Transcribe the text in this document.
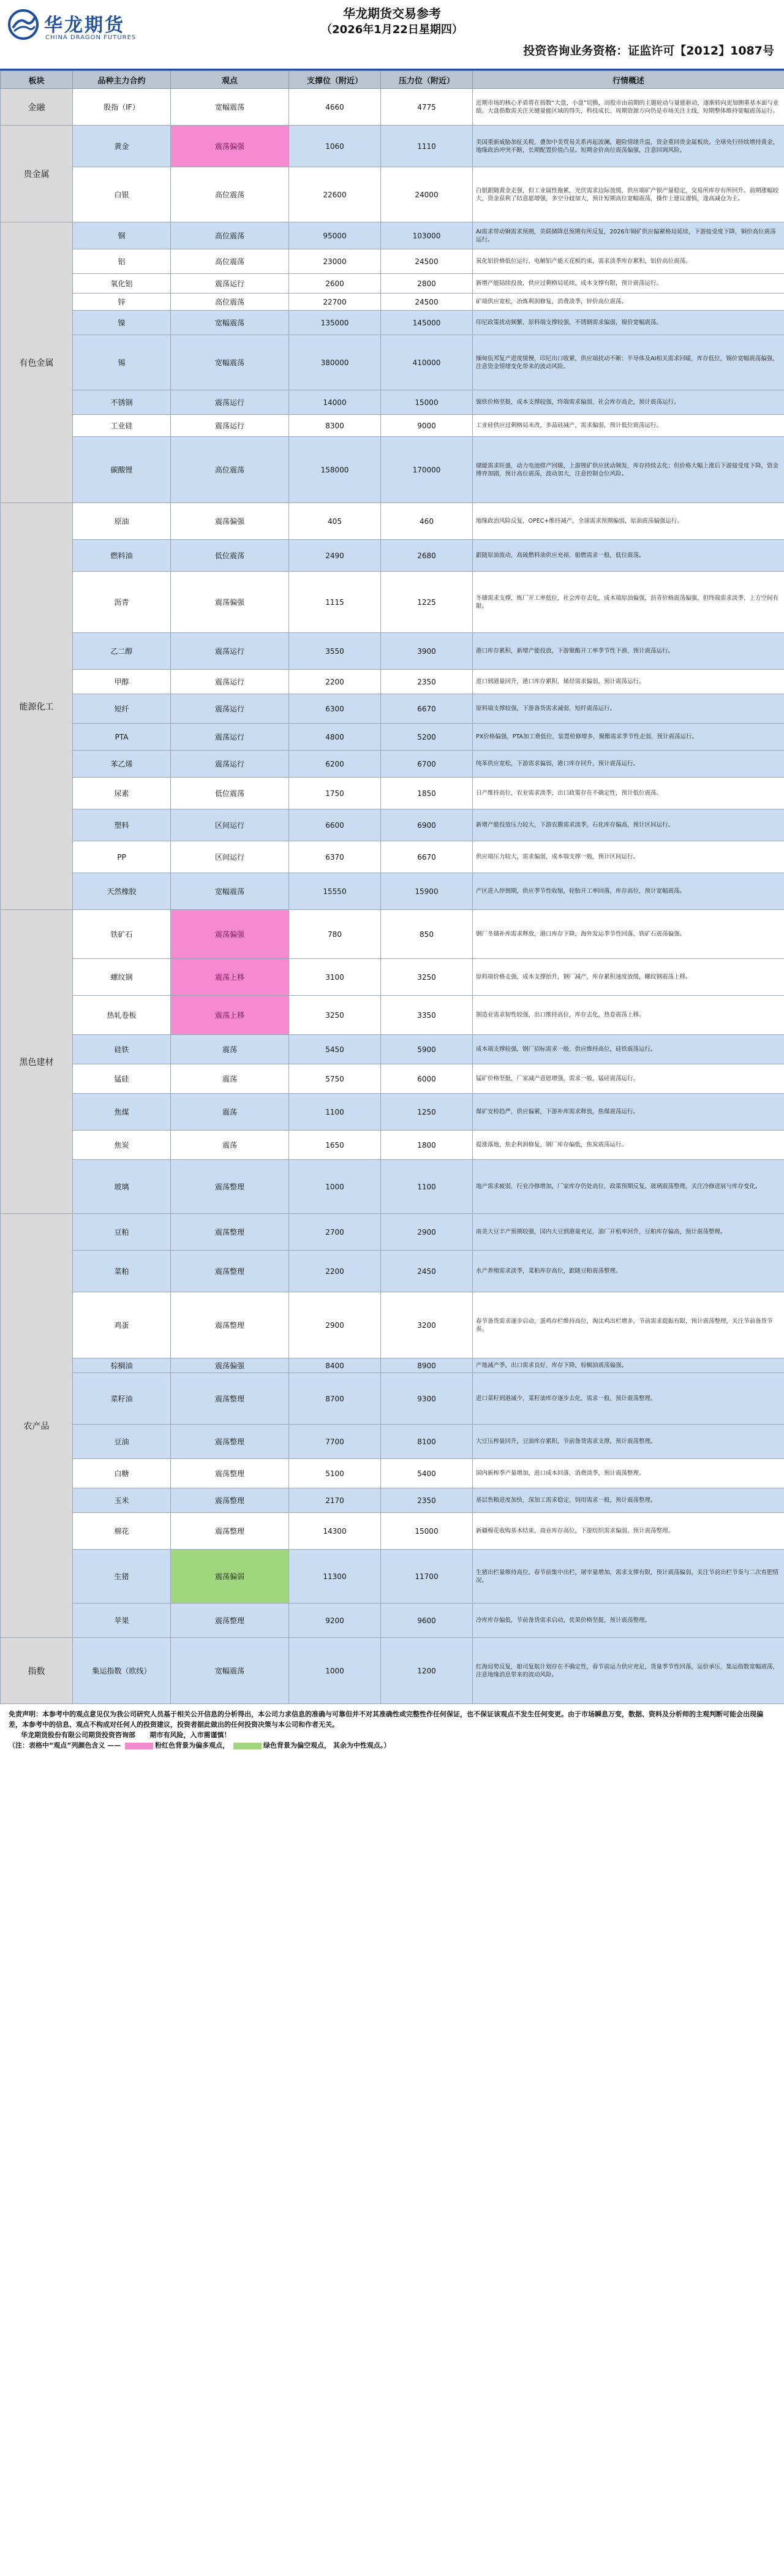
华龙期货
CHINA DRAGON FUTURES
华龙期货交易参考
（2026年1月22日星期四）
投资咨询业务资格：证监许可【2012】1087号
板块	品种主力合约	观点	支撑位（附近）	压力位（附近）	行情概述
金融	股指（IF）	宽幅震荡	4660	4775	近期市场的核心矛盾将在指数“大盘、小盘”切换，而股市由前期的主题轮动与量能驱动，逐渐转向更加侧重基本面与业绩。大盘指数需关注关键量能区域的得失，科技成长、周期资源方向仍是市场关注主线，短期整体维持宽幅震荡运行。
贵金属	黄金	震荡偏强	1060	1110	美国重新威胁加征关税，叠加中美贸易关系再起波澜，避险情绪升温，资金重回贵金属板块。全球央行持续增持黄金，地缘政治冲突不断，长期配置价值凸显。短期金价高位震荡偏强，注意回调风险。
	白银	高位震荡	22600	24000	白银跟随黄金走强，但工业属性拖累，光伏需求边际放缓，供应端矿产银产量稳定，交易所库存有所回升。前期涨幅较大，资金获利了结意愿增强，多空分歧加大，预计短期高位宽幅震荡，操作上建议谨慎，逢高减仓为主。
有色金属	铜	高位震荡	95000	103000	AI需求带动铜需求预期，美联储降息预期有所反复，2026年铜矿供应偏紧格局延续，下游接受度下降，铜价高位震荡运行。
	铝	高位震荡	23000	24500	氧化铝价格低位运行，电解铝产能天花板约束，需求淡季库存累积，铝价高位震荡。
	氧化铝	震荡运行	2600	2800	新增产能陆续投放，供应过剩格局延续，成本支撑有限，预计震荡运行。
	锌	高位震荡	22700	24500	矿端供应宽松，冶炼利润修复，消费淡季，锌价高位震荡。
	镍	宽幅震荡	135000	145000	印尼政策扰动频繁，原料端支撑较强，不锈钢需求偏弱，镍价宽幅震荡。
	锡	宽幅震荡	380000	410000	缅甸佤邦复产进度缓慢，印尼出口收紧，供应端扰动不断；半导体及AI相关需求回暖，库存低位，锡价宽幅震荡偏强，注意资金情绪变化带来的波动风险。
	不锈钢	震荡运行	14000	15000	镍铁价格坚挺，成本支撑较强，终端需求偏弱，社会库存高企，预计震荡运行。
	工业硅	震荡运行	8300	9000	工业硅供应过剩格局未改，多晶硅减产，需求偏弱，预计低位震荡运行。
	碳酸锂	高位震荡	158000	170000	储能需求旺盛，动力电池排产回暖，上游锂矿供应扰动频发，库存持续去化；但价格大幅上涨后下游接受度下降，资金博弈加剧，预计高位震荡，波动加大，注意控制仓位风险。
能源化工	原油	震荡偏强	405	460	地缘政治风险反复，OPEC+维持减产，全球需求预期偏弱，原油震荡偏强运行。
	燃料油	低位震荡	2490	2680	跟随原油波动，高硫燃料油供应充裕，船燃需求一般，低位震荡。
	沥青	震荡偏强	1115	1225	冬储需求支撑，炼厂开工率低位，社会库存去化，成本端原油偏强，沥青价格震荡偏强，但终端需求淡季，上方空间有限。
	乙二醇	震荡运行	3550	3900	港口库存累积，新增产能投放，下游聚酯开工率季节性下滑，预计震荡运行。
	甲醇	震荡运行	2200	2350	进口到港量回升，港口库存累积，烯烃需求偏弱，预计震荡运行。
	短纤	震荡运行	6300	6670	原料端支撑较强，下游备货需求减弱，短纤震荡运行。
	PTA	震荡运行	4800	5200	PX价格偏强，PTA加工费低位，装置检修增多，聚酯需求季节性走弱，预计震荡运行。
	苯乙烯	震荡运行	6200	6700	纯苯供应宽松，下游需求偏弱，港口库存回升，预计震荡运行。
	尿素	低位震荡	1750	1850	日产维持高位，农业需求淡季，出口政策存在不确定性，预计低位震荡。
	塑料	区间运行	6600	6900	新增产能投放压力较大，下游农膜需求淡季，石化库存偏高，预计区间运行。
	PP	区间运行	6370	6670	供应端压力较大，需求偏弱，成本端支撑一般，预计区间运行。
	天然橡胶	宽幅震荡	15550	15900	产区进入停割期，供应季节性收缩，轮胎开工率回落，库存高位，预计宽幅震荡。
黑色建材	铁矿石	震荡偏强	780	850	钢厂冬储补库需求释放，港口库存下降，海外发运季节性回落，铁矿石震荡偏强。
	螺纹钢	震荡上移	3100	3250	原料端价格走强，成本支撑抬升，钢厂减产，库存累积速度放缓，螺纹钢震荡上移。
	热轧卷板	震荡上移	3250	3350	制造业需求韧性较强，出口维持高位，库存去化，热卷震荡上移。
	硅铁	震荡	5450	5900	成本端支撑较强，钢厂招标需求一般，供应维持高位，硅铁震荡运行。
	锰硅	震荡	5750	6000	锰矿价格坚挺，厂家减产意愿增强，需求一般，锰硅震荡运行。
	焦煤	震荡	1100	1250	煤矿安检趋严，供应偏紧，下游补库需求释放，焦煤震荡运行。
	焦炭	震荡	1650	1800	提涨落地，焦企利润修复，钢厂库存偏低，焦炭震荡运行。
	玻璃	震荡整理	1000	1100	地产需求疲弱，行业冷修增加，厂家库存仍处高位，政策预期反复，玻璃震荡整理，关注冷修进展与库存变化。
农产品	豆粕	震荡整理	2700	2900	南美大豆丰产预期较强，国内大豆到港量充足，油厂开机率回升，豆粕库存偏高，预计震荡整理。
	菜粕	震荡整理	2200	2450	水产养殖需求淡季，菜粕库存高位，跟随豆粕震荡整理。
	鸡蛋	震荡整理	2900	3200	春节备货需求逐步启动，蛋鸡存栏维持高位，淘汰鸡出栏增多，节前需求提振有限，预计震荡整理，关注节前备货节奏。
	棕榈油	震荡偏强	8400	8900	产地减产季，出口需求良好，库存下降，棕榈油震荡偏强。
	菜籽油	震荡整理	8700	9300	进口菜籽到港减少，菜籽油库存逐步去化，需求一般，预计震荡整理。
	豆油	震荡整理	7700	8100	大豆压榨量回升，豆油库存累积，节前备货需求支撑，预计震荡整理。
	白糖	震荡整理	5100	5400	国内新榨季产量增加，进口成本回落，消费淡季，预计震荡整理。
	玉米	震荡整理	2170	2350	基层售粮进度加快，深加工需求稳定，饲用需求一般，预计震荡整理。
	棉花	震荡整理	14300	15000	新疆棉花收购基本结束，商业库存高位，下游纺织需求偏弱，预计震荡整理。
	生猪	震荡偏弱	11300	11700	生猪出栏量维持高位，春节前集中出栏，屠宰量增加，需求支撑有限，预计震荡偏弱，关注节前出栏节奏与二次育肥情况。
	苹果	震荡整理	9200	9600	冷库库存偏低，节前备货需求启动，优果价格坚挺，预计震荡整理。
指数	集运指数（欧线）	宽幅震荡	1000	1200	红海局势反复，船司复航计划存在不确定性，春节前运力供应充足，货量季节性回落，运价承压，集运指数宽幅震荡，注意地缘消息带来的波动风险。
免责声明：本参考中的观点意见仅为我公司研究人员基于相关公开信息的分析得出，本公司力求信息的准确与可靠但并不对其准确性或完整性作任何保证，也不保证该观点不发生任何变更。由于市场瞬息万变，数据、资料及分析师的主观判断可能会出现偏差，本参考中的信息、观点不构成对任何人的投资建议，投资者据此做出的任何投资决策与本公司和作者无关。
华龙期货股份有限公司期货投资咨询部 期市有风险，入市需谨慎！
（注：表格中“观点”列颜色含义 ——	粉红色背景为偏多观点，	绿色背景为偏空观点， 其余为中性观点。）
